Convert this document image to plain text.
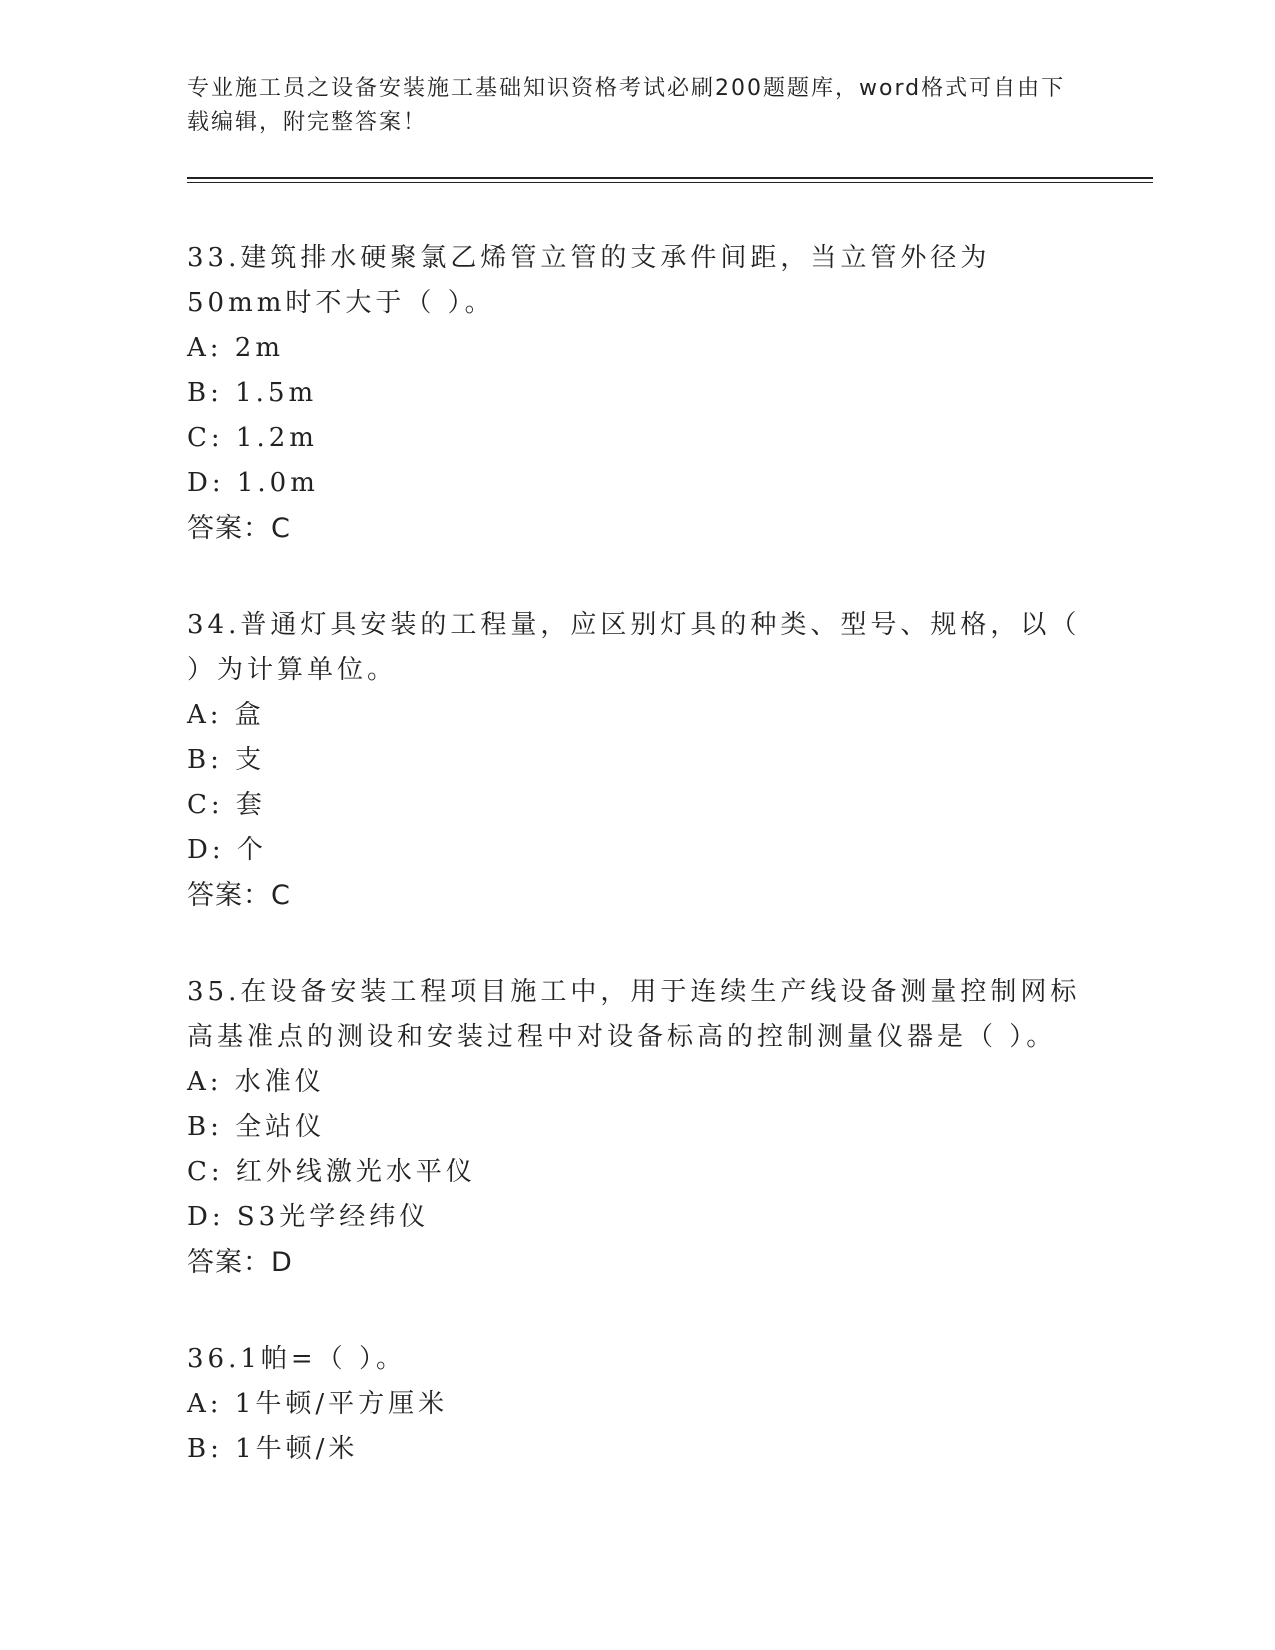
专业施工员之设备安装施工基础知识资格考试必刷200题题库，word格式可自由下载编辑，附完整答案！

33.建筑排水硬聚氯乙烯管立管的支承件间距，当立管外径为50mm时不大于（ ）。

A: 2m

B: 1.5m

C: 1.2m

D: 1.0m

答案：C

34.普通灯具安装的工程量，应区别灯具的种类、型号、规格，以（ ）为计算单位。

A: 盒

B: 支

C: 套

D: 个

答案：C

35.在设备安装工程项目施工中，用于连续生产线设备测量控制网标高基准点的测设和安装过程中对设备标高的控制测量仪器是（ ）。

A: 水准仪

B: 全站仪

C: 红外线激光水平仪

D: S3光学经纬仪

答案：D

36.1帕=（ ）。

A: 1牛顿/平方厘米

B: 1牛顿/米
